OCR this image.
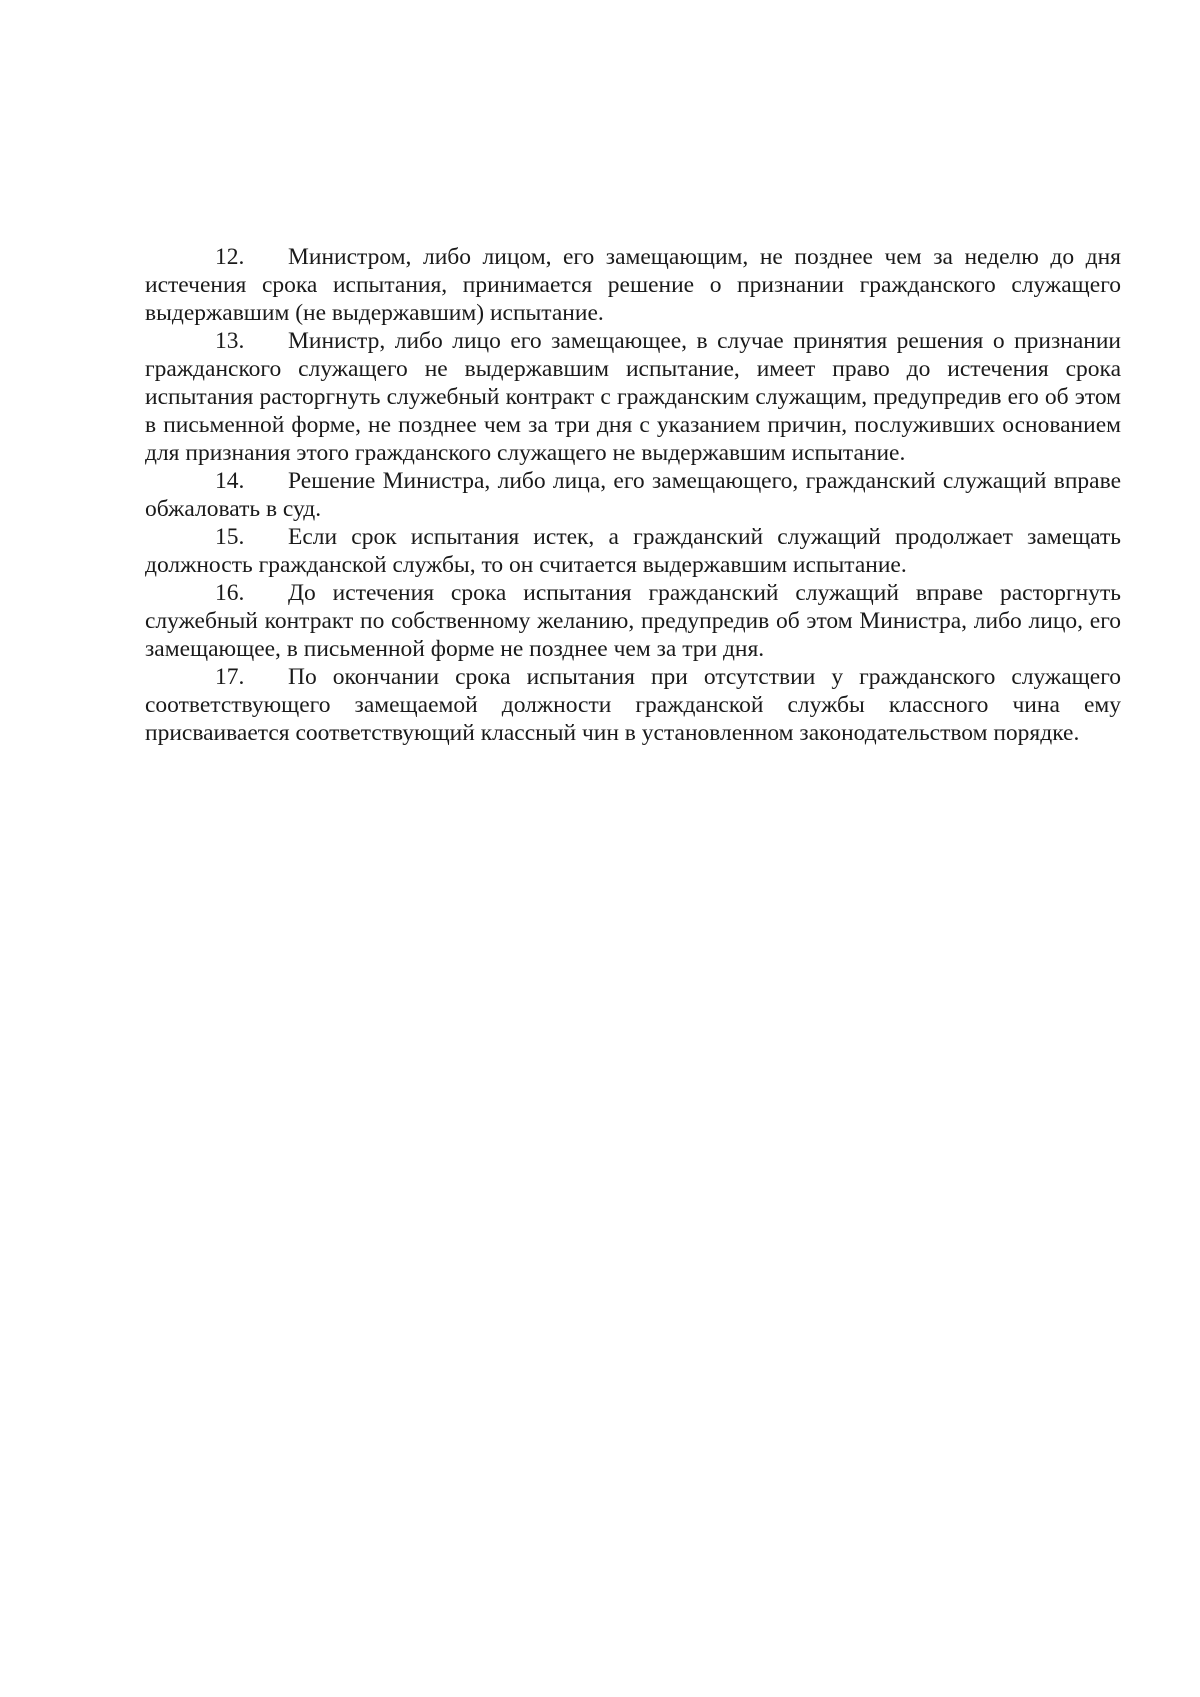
12. Министром, либо лицом, его замещающим, не позднее чем за неделю до дня истечения срока испытания, принимается решение о признании гражданского служащего выдержавшим (не выдержавшим) испытание.

13. Министр, либо лицо его замещающее, в случае принятия решения о признании гражданского служащего не выдержавшим испытание, имеет право до истечения срока испытания расторгнуть служебный контракт с гражданским служащим, предупредив его об этом в письменной форме, не позднее чем за три дня с указанием причин, послуживших основанием для признания этого гражданского служащего не выдержавшим испытание.

14. Решение Министра, либо лица, его замещающего, гражданский служащий вправе обжаловать в суд.

15. Если срок испытания истек, а гражданский служащий продолжает замещать должность гражданской службы, то он считается выдержавшим испытание.

16. До истечения срока испытания гражданский служащий вправе расторгнуть служебный контракт по собственному желанию, предупредив об этом Министра, либо лицо, его замещающее, в письменной форме не позднее чем за три дня.

17. По окончании срока испытания при отсутствии у гражданского служащего соответствующего замещаемой должности гражданской службы классного чина ему присваивается соответствующий классный чин в установленном законодательством порядке.
